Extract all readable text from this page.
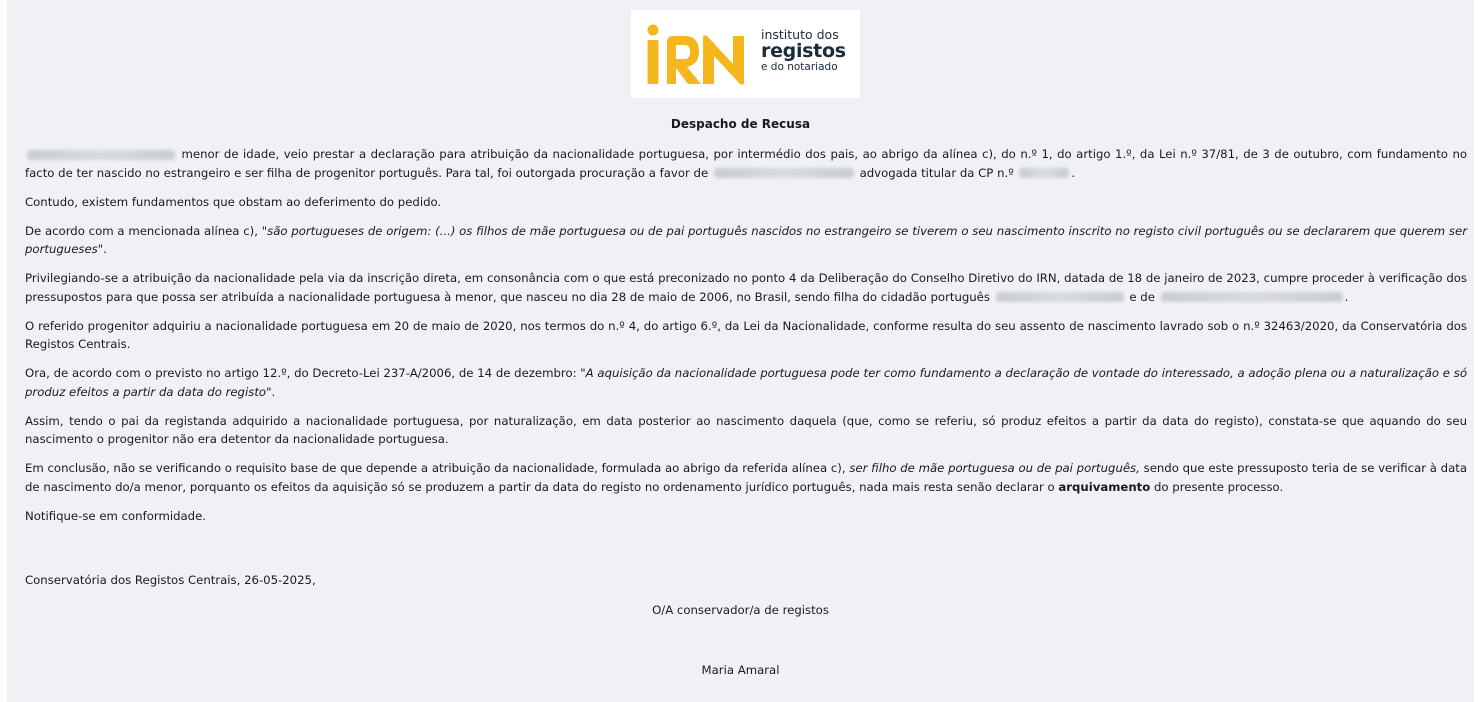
instituto dos
registos
e do notariado
Despacho de Recusa

menor de idade, veio prestar a declaração para atribuição da nacionalidade portuguesa, por intermédio dos pais, ao abrigo da alínea c), do n.º 1, do artigo 1.º, da Lei n.º 37/81, de 3 de outubro, com fundamento no facto de ter nascido no estrangeiro e ser filha de progenitor português. Para tal, foi outorgada procuração a favor de	advogada titular da CP n.º	.

Contudo, existem fundamentos que obstam ao deferimento do pedido.

De acordo com a mencionada alínea c), "são portugueses de origem: (...) os filhos de mãe portuguesa ou de pai português nascidos no estrangeiro se tiverem o seu nascimento inscrito no registo civil português ou se declararem que querem ser portugueses".

Privilegiando-se a atribuição da nacionalidade pela via da inscrição direta, em consonância com o que está preconizado no ponto 4 da Deliberação do Conselho Diretivo do IRN, datada de 18 de janeiro de 2023, cumpre proceder à verificação dos pressupostos para que possa ser atribuída a nacionalidade portuguesa à menor, que nasceu no dia 28 de maio de 2006, no Brasil, sendo filha do cidadão português	e de	.

O referido progenitor adquiriu a nacionalidade portuguesa em 20 de maio de 2020, nos termos do n.º 4, do artigo 6.º, da Lei da Nacionalidade, conforme resulta do seu assento de nascimento lavrado sob o n.º 32463/2020, da Conservatória dos Registos Centrais.

Ora, de acordo com o previsto no artigo 12.º, do Decreto-Lei 237-A/2006, de 14 de dezembro: "A aquisição da nacionalidade portuguesa pode ter como fundamento a declaração de vontade do interessado, a adoção plena ou a naturalização e só produz efeitos a partir da data do registo".

Assim, tendo o pai da registanda adquirido a nacionalidade portuguesa, por naturalização, em data posterior ao nascimento daquela (que, como se referiu, só produz efeitos a partir da data do registo), constata-se que aquando do seu nascimento o progenitor não era detentor da nacionalidade portuguesa.

Em conclusão, não se verificando o requisito base de que depende a atribuição da nacionalidade, formulada ao abrigo da referida alínea c), ser filho de mãe portuguesa ou de pai português, sendo que este pressuposto teria de se verificar à data de nascimento do/a menor, porquanto os efeitos da aquisição só se produzem a partir da data do registo no ordenamento jurídico português, nada mais resta senão declarar o arquivamento do presente processo.

Notifique-se em conformidade.

Conservatória dos Registos Centrais, 26-05-2025,
O/A conservador/a de registos
Maria Amaral
